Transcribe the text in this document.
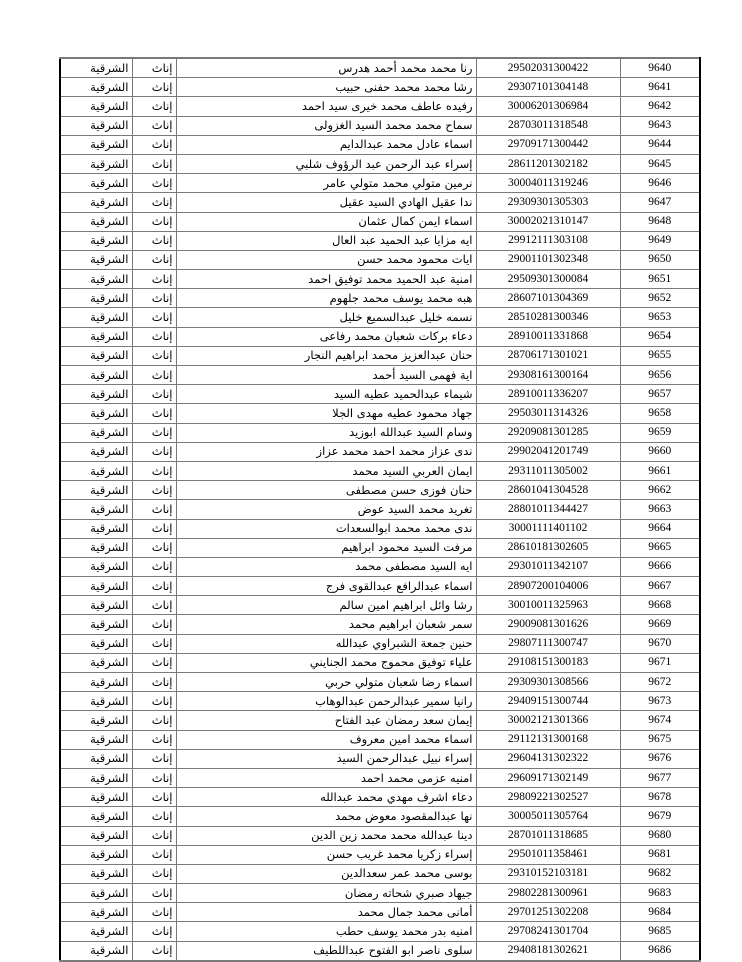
الشرقية	إناث	رنا محمد محمد أحمد هدرس	29502031300422	9640
الشرقية	إناث	رشا محمد محمد حفنى حبيب	29307101304148	9641
الشرقية	إناث	رفيده عاطف محمد خيرى سيد احمد	30006201306984	9642
الشرقية	إناث	سماح محمد محمد السيد الغزولى	28703011318548	9643
الشرقية	إناث	اسماء عادل محمد عبدالدايم	29709171300442	9644
الشرقية	إناث	إسراء عبد الرحمن عبد الرؤوف شلبي	28611201302182	9645
الشرقية	إناث	نرمين متولي محمد متولي عامر	30004011319246	9646
الشرقية	إناث	ندا عقيل الهادي السيد عقيل	29309301305303	9647
الشرقية	إناث	اسماء ايمن كمال عثمان	30002021310147	9648
الشرقية	إناث	ايه مزايا عبد الحميد عبد العال	29912111303108	9649
الشرقية	إناث	ايات محمود محمد حسن	29001101302348	9650
الشرقية	إناث	امنية عبد الحميد محمد توفيق احمد	29509301300084	9651
الشرقية	إناث	هبه محمد يوسف محمد جلهوم	28607101304369	9652
الشرقية	إناث	نسمه خليل عبدالسميع خليل	28510281300346	9653
الشرقية	إناث	دعاء بركات شعبان محمد رفاعى	28910011331868	9654
الشرقية	إناث	حنان عبدالعزيز محمد ابراهيم النجار	28706171301021	9655
الشرقية	إناث	اية فهمى السيد أحمد	29308161300164	9656
الشرقية	إناث	شيماء عبدالحميد عطيه السيد	28910011336207	9657
الشرقية	إناث	جهاد محمود عطيه مهدى الجلا	29503011314326	9658
الشرقية	إناث	وسام السيد عبدالله ابوزيد	29209081301285	9659
الشرقية	إناث	ندى عزاز محمد احمد محمد عزاز	29902041201749	9660
الشرقية	إناث	ايمان العربي السيد محمد	29311011305002	9661
الشرقية	إناث	حنان فوزى حسن مصطفى	28601041304528	9662
الشرقية	إناث	تغريد محمد السيد عوض	28801011344427	9663
الشرقية	إناث	ندى محمد محمد ابوالسعدات	30001111401102	9664
الشرقية	إناث	مرفت السيد محمود ابراهيم	28610181302605	9665
الشرقية	إناث	ايه السيد مصطفى محمد	29301011342107	9666
الشرقية	إناث	اسماء عبدالرافع عبدالقوى فرج	28907200104006	9667
الشرقية	إناث	رشا وائل ابراهيم امين سالم	30010011325963	9668
الشرقية	إناث	سمر شعبان ابراهيم محمد	29009081301626	9669
الشرقية	إناث	حنين جمعة الشبراوي عبدالله	29807111300747	9670
الشرقية	إناث	علياء توفيق محموج محمد الجنايني	29108151300183	9671
الشرقية	إناث	اسماء رضا شعبان متولي حربي	29309301308566	9672
الشرقية	إناث	رانيا سمير عبدالرحمن عبدالوهاب	29409151300744	9673
الشرقية	إناث	إيمان سعد رمضان عبد الفتاح	30002121301366	9674
الشرقية	إناث	اسماء محمد امين معروف	29112131300168	9675
الشرقية	إناث	إسراء نبيل عبدالرحمن السيد	29604131302322	9676
الشرقية	إناث	امنيه عزمى محمد احمد	29609171302149	9677
الشرقية	إناث	دعاء اشرف مهدي محمد عبدالله	29809221302527	9678
الشرقية	إناث	نها عبدالمقصود معوض محمد	30005011305764	9679
الشرقية	إناث	دينا عبدالله محمد محمد زين الدين	28701011318685	9680
الشرقية	إناث	إسراء زكريا محمد غريب حسن	29501011358461	9681
الشرقية	إناث	بوسى محمد عمر سعدالدين	29310152103181	9682
الشرقية	إناث	جيهاد صبري شحاته رمضان	29802281300961	9683
الشرقية	إناث	أمانى محمد جمال محمد	29701251302208	9684
الشرقية	إناث	امنيه بدر محمد يوسف حطب	29708241301704	9685
الشرقية	إناث	سلوى ناصر ابو الفتوح عبداللطيف	29408181302621	9686
